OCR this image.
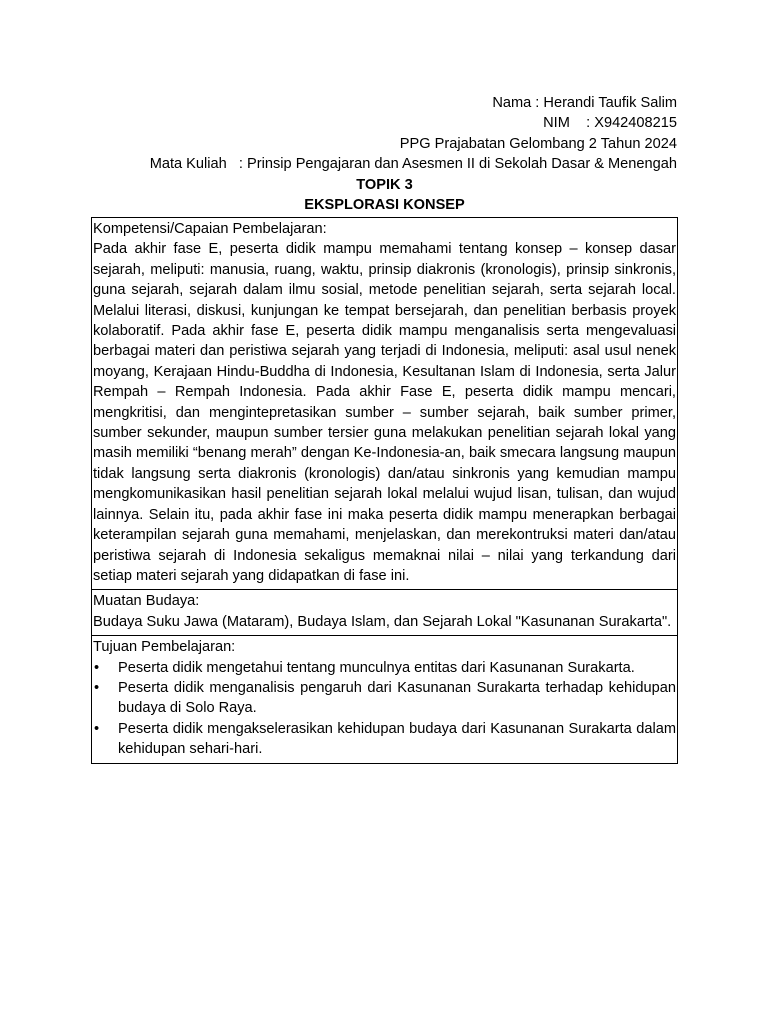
Nama : Herandi Taufik Salim
NIM    : X942408215
PPG Prajabatan Gelombang 2 Tahun 2024
Mata Kuliah   : Prinsip Pengajaran dan Asesmen II di Sekolah Dasar & Menengah
TOPIK 3
EKSPLORASI KONSEP
Kompetensi/Capaian Pembelajaran:

Pada akhir fase E, peserta didik mampu memahami tentang konsep – konsep dasar sejarah, meliputi: manusia, ruang, waktu, prinsip diakronis (kronologis), prinsip sinkronis, guna sejarah, sejarah dalam ilmu sosial, metode penelitian sejarah, serta sejarah local. Melalui literasi, diskusi, kunjungan ke tempat bersejarah, dan penelitian berbasis proyek kolaboratif. Pada akhir fase E, peserta didik mampu menganalisis serta mengevaluasi berbagai materi dan peristiwa sejarah yang terjadi di Indonesia, meliputi: asal usul nenek moyang, Kerajaan Hindu-Buddha di Indonesia, Kesultanan Islam di Indonesia, serta Jalur Rempah – Rempah Indonesia. Pada akhir Fase E, peserta didik mampu mencari, mengkritisi, dan mengintepretasikan sumber – sumber sejarah, baik sumber primer, sumber sekunder, maupun sumber tersier guna melakukan penelitian sejarah lokal yang masih memiliki “benang merah” dengan Ke-Indonesia-an, baik smecara langsung maupun tidak langsung serta diakronis (kronologis) dan/atau sinkronis yang kemudian mampu mengkomunikasikan hasil penelitian sejarah lokal melalui wujud lisan, tulisan, dan wujud lainnya. Selain itu, pada akhir fase ini maka peserta didik mampu menerapkan berbagai keterampilan sejarah guna memahami, menjelaskan, dan merekontruksi materi dan/atau peristiwa sejarah di Indonesia sekaligus memaknai nilai – nilai yang terkandung dari setiap materi sejarah yang didapatkan di fase ini.

Muatan Budaya:

Budaya Suku Jawa (Mataram), Budaya Islam, dan Sejarah Lokal "Kasunanan Surakarta".

Tujuan Pembelajaran:
• Peserta didik mengetahui tentang munculnya entitas dari Kasunanan Surakarta.
• Peserta didik menganalisis pengaruh dari Kasunanan Surakarta terhadap kehidupan budaya di Solo Raya.
• Peserta didik mengakselerasikan kehidupan budaya dari Kasunanan Surakarta dalam kehidupan sehari-hari.
